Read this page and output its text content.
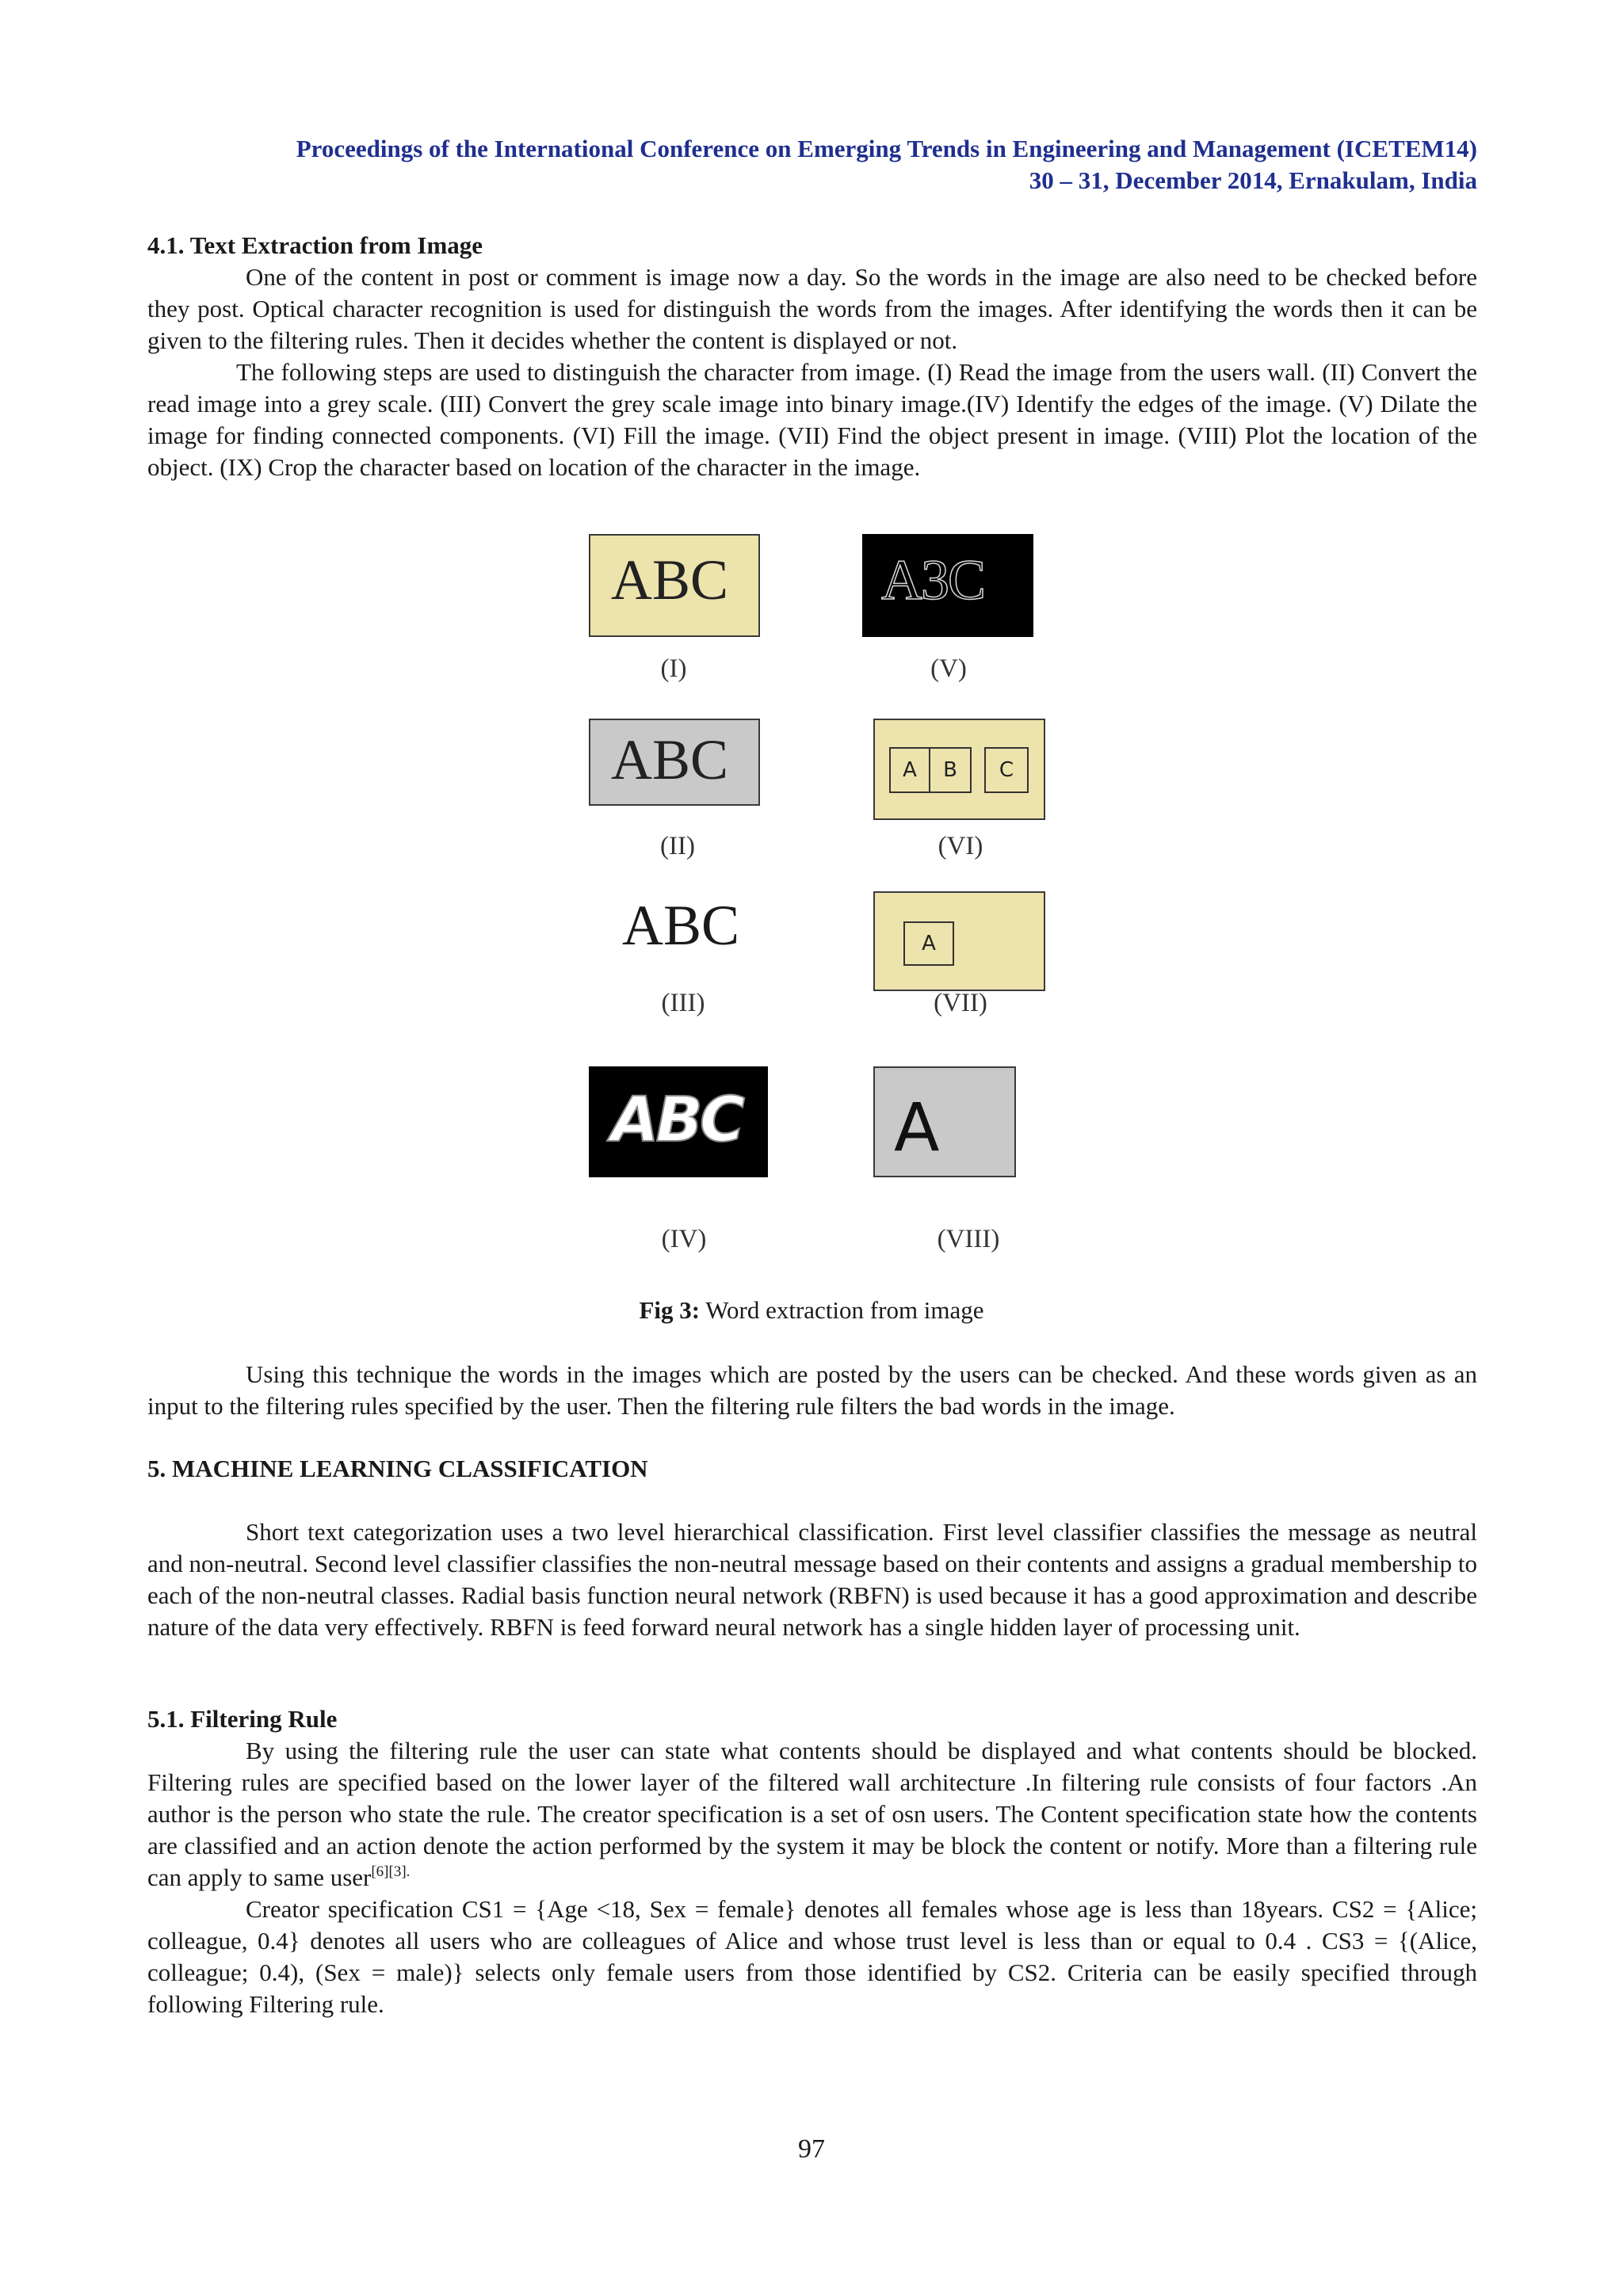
Proceedings of the International Conference on Emerging Trends in Engineering and Management (ICETEM14)
30 – 31, December 2014, Ernakulam, India
4.1. Text Extraction from Image

One of the content in post or comment is image now a day. So the words in the image are also need to be checked before they post. Optical character recognition is used for distinguish the words from the images. After identifying the words then it can be given to the filtering rules. Then it decides whether the content is displayed or not.

The following steps are used to distinguish the character from image. (I) Read the image from the users wall. (II) Convert the read image into a grey scale. (III) Convert the grey scale image into binary image.(IV) Identify the edges of the image. (V) Dilate the image for finding connected components. (VI) Fill the image. (VII) Find the object present in image. (VIII) Plot the location of the object. (IX) Crop the character based on location of the character in the image.

ABC
(I)
A3C
(V)
ABC
(II)
A	B	C
(VI)
ABC
(III)
A
(VII)
ABC
(IV)
A
(VIII)
Fig 3: Word extraction from image

Using this technique the words in the images which are posted by the users can be checked. And these words given as an input to the filtering rules specified by the user. Then the filtering rule filters the bad words in the image.

5. MACHINE LEARNING CLASSIFICATION

Short text categorization uses a two level hierarchical classification. First level classifier classifies the message as neutral and non-neutral. Second level classifier classifies the non-neutral message based on their contents and assigns a gradual membership to each of the non-neutral classes. Radial basis function neural network (RBFN) is used because it has a good approximation and describe nature of the data very effectively. RBFN is feed forward neural network has a single hidden layer of processing unit.

5.1. Filtering Rule

By using the filtering rule the user can state what contents should be displayed and what contents should be blocked. Filtering rules are specified based on the lower layer of the filtered wall architecture .In filtering rule consists of four factors .An author is the person who state the rule. The creator specification is a set of osn users. The Content specification state how the contents are classified and an action denote the action performed by the system it may be block the content or notify. More than a filtering rule can apply to same user$^{[6][3].}$

Creator specification CS1 = {Age <18, Sex = female} denotes all females whose age is less than 18years. CS2 = {Alice; colleague, 0.4} denotes all users who are colleagues of Alice and whose trust level is less than or equal to 0.4 . CS3 = {(Alice, colleague; 0.4), (Sex = male)} selects only female users from those identified by CS2. Criteria can be easily specified through following Filtering rule.

97
